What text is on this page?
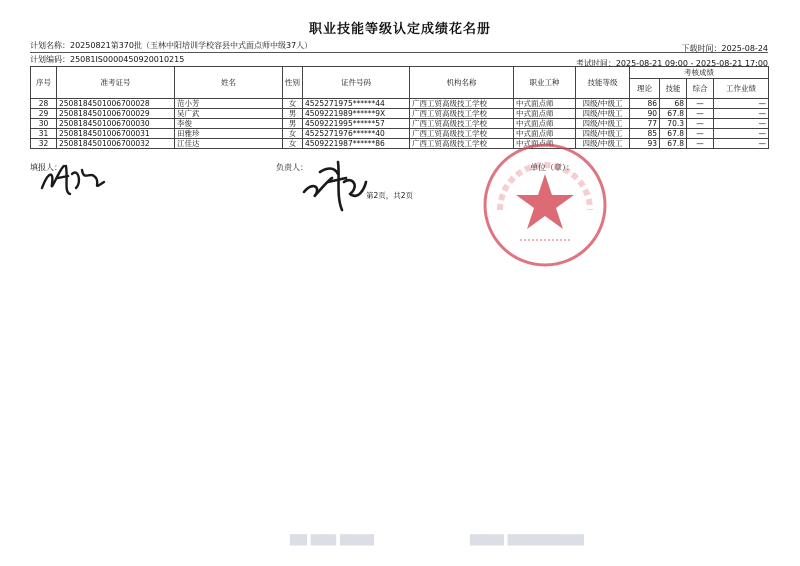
职业技能等级认定成绩花名册
计划名称：20250821第370批（玉林中阳培训学校容县中式面点师中级37人）	下载时间：2025-08-24
计划编码：25081IS0000450920010215	考试时间：2025-08-21 09:00 - 2025-08-21 17:00
序号	准考证号	姓名	性别	证件号码	机构名称	职业工种	技能等级	考核成绩			
								理论	技能	综合	工作业绩
28	250818450100670002​8	范小芳	女	4525271975******44	广西工贸高级技工学校	中式面点师	四级/中级工	86	68	—	—
29	2508184501006700029	吴广武	男	4509221989******9X	广西工贸高级技工学校	中式面点师	四级/中级工	90	67.8	—	—
30	2508184501006700030	李俊	男	4509221995******57	广西工贸高级技工学校	中式面点师	四级/中级工	77	70.3	—	—
31	2508184501006700031	田雅珍	女	4525271976******40	广西工贸高级技工学校	中式面点师	四级/中级工	85	67.8	—	—
32	2508184501006700032	江佳达	女	4509221987******86	广西工贸高级技工学校	中式面点师	四级/中级工	93	67.8	—	—
填报人：	负责人：	单位（章）：
第2页，共2页
▇▇ ▇▇▇ ▇▇▇▇	▇▇▇▇ ▇▇▇▇▇▇▇▇▇
